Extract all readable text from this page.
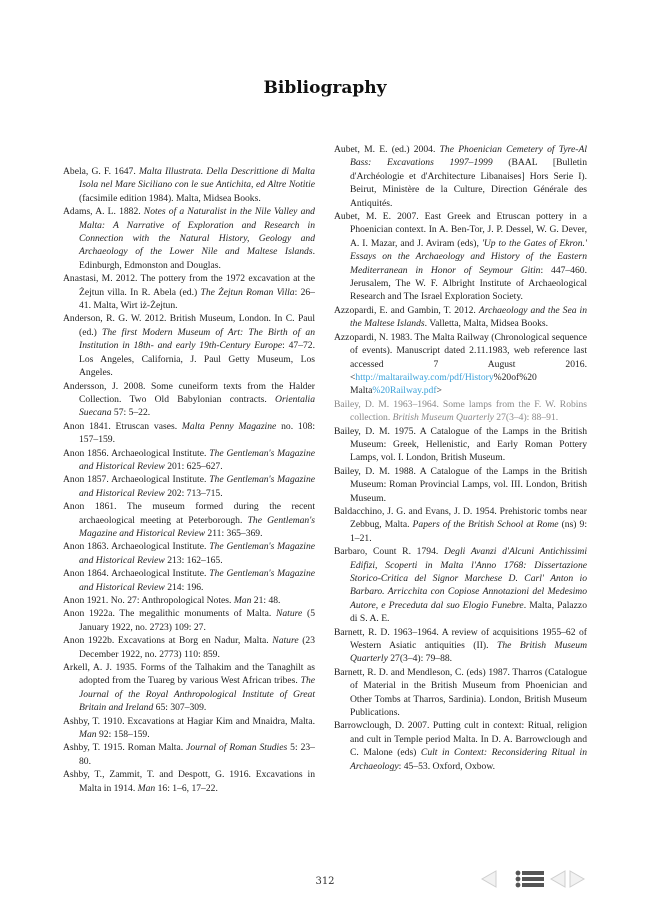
Bibliography

Abela, G. F. 1647. Malta Illustrata. Della Descrittione di Malta Isola nel Mare Siciliano con le sue Antichita, ed Altre Notitie (facsimile edition 1984). Malta, Midsea Books.

Adams, A. L. 1882. Notes of a Naturalist in the Nile Valley and Malta: A Narrative of Exploration and Research in Connection with the Natural History, Geology and Archaeology of the Lower Nile and Maltese Islands. Edinburgh, Edmonston and Douglas.

Anastasi, M. 2012. The pottery from the 1972 excavation at the Żejtun villa. In R. Abela (ed.) The Żejtun Roman Villa: 26–41. Malta, Wirt iż-Żejtun.

Anderson, R. G. W. 2012. British Museum, London. In C. Paul (ed.) The first Modern Museum of Art: The Birth of an Institution in 18th- and early 19th-Century Europe: 47–72. Los Angeles, California, J. Paul Getty Museum, Los Angeles.

Andersson, J. 2008. Some cuneiform texts from the Halder Collection. Two Old Babylonian contracts. Orientalia Suecana 57: 5–22.

Anon 1841. Etruscan vases. Malta Penny Magazine no. 108: 157–159.

Anon 1856. Archaeological Institute. The Gentleman's Magazine and Historical Review 201: 625–627.

Anon 1857. Archaeological Institute. The Gentleman's Magazine and Historical Review 202: 713–715.

Anon 1861. The museum formed during the recent archaeological meeting at Peterborough. The Gentleman's Magazine and Historical Review 211: 365–369.

Anon 1863. Archaeological Institute. The Gentleman's Magazine and Historical Review 213: 162–165.

Anon 1864. Archaeological Institute. The Gentleman's Magazine and Historical Review 214: 196.

Anon 1921. No. 27: Anthropological Notes. Man 21: 48.

Anon 1922a. The megalithic monuments of Malta. Nature (5 January 1922, no. 2723) 109: 27.

Anon 1922b. Excavations at Borg en Nadur, Malta. Nature (23 December 1922, no. 2773) 110: 859.

Arkell, A. J. 1935. Forms of the Talhakim and the Tanaghilt as adopted from the Tuareg by various West African tribes. The Journal of the Royal Anthropological Institute of Great Britain and Ireland 65: 307–309.

Ashby, T. 1910. Excavations at Hagiar Kim and Mnaidra, Malta. Man 92: 158–159.

Ashby, T. 1915. Roman Malta. Journal of Roman Studies 5: 23–80.

Ashby, T., Zammit, T. and Despott, G. 1916. Excavations in Malta in 1914. Man 16: 1–6, 17–22.

Aubet, M. E. (ed.) 2004. The Phoenician Cemetery of Tyre-Al Bass: Excavations 1997–1999 (BAAL [Bulletin d'Archéologie et d'Architecture Libanaises] Hors Serie I). Beirut, Ministère de la Culture, Direction Générale des Antiquités.

Aubet, M. E. 2007. East Greek and Etruscan pottery in a Phoenician context. In A. Ben-Tor, J. P. Dessel, W. G. Dever, A. I. Mazar, and J. Aviram (eds), 'Up to the Gates of Ekron.' Essays on the Archaeology and History of the Eastern Mediterranean in Honor of Seymour Gitin: 447–460. Jerusalem, The W. F. Albright Institute of Archaeological Research and The Israel Exploration Society.

Azzopardi, E. and Gambin, T. 2012. Archaeology and the Sea in the Maltese Islands. Valletta, Malta, Midsea Books.

Azzopardi, N. 1983. The Malta Railway (Chronological sequence of events). Manuscript dated 2.11.1983, web reference last accessed 7 August 2016. <http://maltarailway.com/pdf/History%20of%20 Malta%20Railway.pdf>

Bailey, D. M. 1963–1964. Some lamps from the F. W. Robins collection. British Museum Quarterly 27(3–4): 88–91.

Bailey, D. M. 1975. A Catalogue of the Lamps in the British Museum: Greek, Hellenistic, and Early Roman Pottery Lamps, vol. I. London, British Museum.

Bailey, D. M. 1988. A Catalogue of the Lamps in the British Museum: Roman Provincial Lamps, vol. III. London, British Museum.

Baldacchino, J. G. and Evans, J. D. 1954. Prehistoric tombs near Zebbug, Malta. Papers of the British School at Rome (ns) 9: 1–21.

Barbaro, Count R. 1794. Degli Avanzi d'Alcuni Antichissimi Edifizi, Scoperti in Malta l'Anno 1768: Dissertazione Storico-Critica del Signor Marchese D. Carl' Anton io Barbaro. Arricchita con Copiose Annotazioni del Medesimo Autore, e Preceduta dal suo Elogio Funebre. Malta, Palazzo di S. A. E.

Barnett, R. D. 1963–1964. A review of acquisitions 1955–62 of Western Asiatic antiquities (II). The British Museum Quarterly 27(3–4): 79–88.

Barnett, R. D. and Mendleson, C. (eds) 1987. Tharros (Catalogue of Material in the British Museum from Phoenician and Other Tombs at Tharros, Sardinia). London, British Museum Publications.

Barrowclough, D. 2007. Putting cult in context: Ritual, religion and cult in Temple period Malta. In D. A. Barrowclough and C. Malone (eds) Cult in Context: Reconsidering Ritual in Archaeology: 45–53. Oxford, Oxbow.

312
